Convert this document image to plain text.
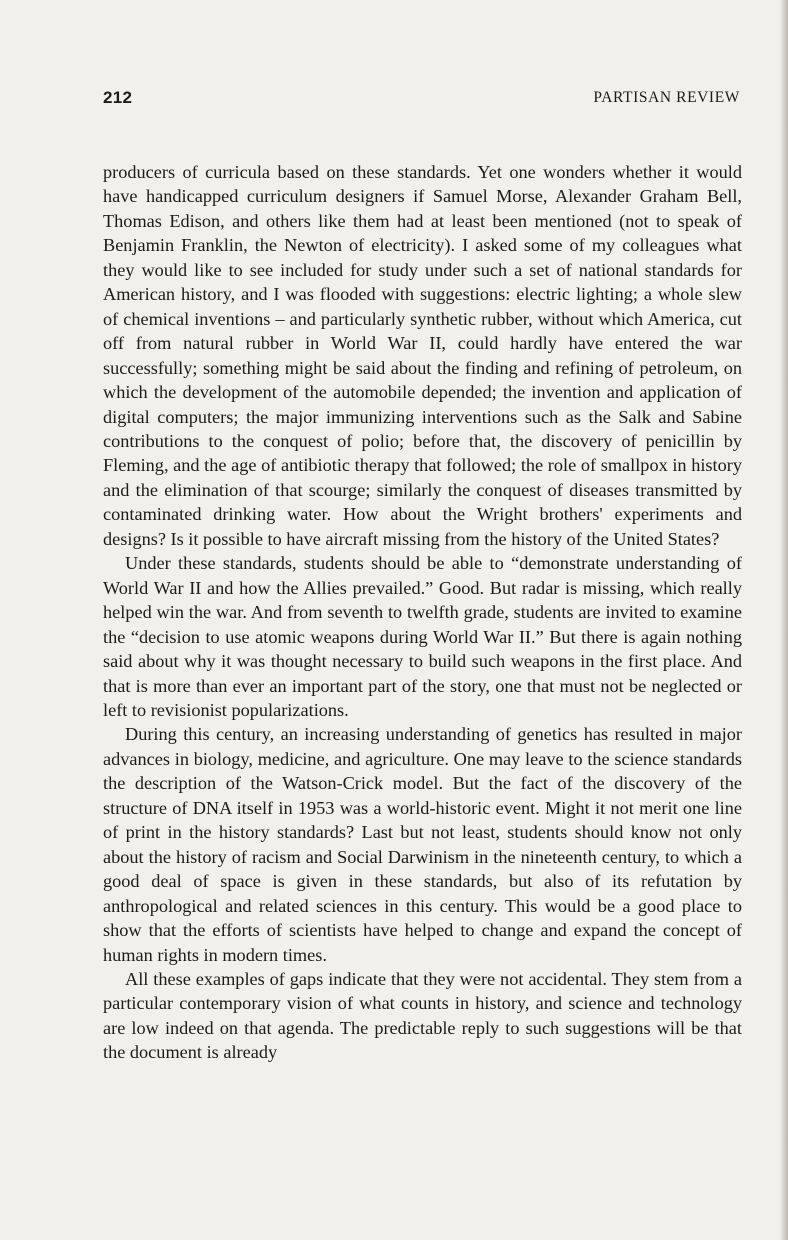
212	PARTISAN REVIEW

producers of curricula based on these standards. Yet one wonders whether it would have handicapped curriculum designers if Samuel Morse, Alexander Graham Bell, Thomas Edison, and others like them had at least been mentioned (not to speak of Benjamin Franklin, the Newton of electricity). I asked some of my colleagues what they would like to see included for study under such a set of national standards for American history, and I was flooded with suggestions: electric lighting; a whole slew of chemical inventions – and particularly synthetic rubber, without which America, cut off from natural rubber in World War II, could hardly have entered the war successfully; something might be said about the finding and refining of petroleum, on which the development of the automobile depended; the invention and application of digital computers; the major immunizing interventions such as the Salk and Sabine contributions to the conquest of polio; before that, the discovery of penicillin by Fleming, and the age of antibiotic therapy that followed; the role of smallpox in history and the elimination of that scourge; similarly the conquest of diseases transmitted by contaminated drinking water. How about the Wright brothers' experiments and designs? Is it possible to have aircraft missing from the history of the United States?

Under these standards, students should be able to “demonstrate understanding of World War II and how the Allies prevailed.” Good. But radar is missing, which really helped win the war. And from seventh to twelfth grade, students are invited to examine the “decision to use atomic weapons during World War II.” But there is again nothing said about why it was thought necessary to build such weapons in the first place. And that is more than ever an important part of the story, one that must not be neglected or left to revisionist popularizations.

During this century, an increasing understanding of genetics has resulted in major advances in biology, medicine, and agriculture. One may leave to the science standards the description of the Watson-Crick model. But the fact of the discovery of the structure of DNA itself in 1953 was a world-historic event. Might it not merit one line of print in the history standards? Last but not least, students should know not only about the history of racism and Social Darwinism in the nineteenth century, to which a good deal of space is given in these standards, but also of its refutation by anthropological and related sciences in this century. This would be a good place to show that the efforts of scientists have helped to change and expand the concept of human rights in modern times.

All these examples of gaps indicate that they were not accidental. They stem from a particular contemporary vision of what counts in history, and science and technology are low indeed on that agenda. The predictable reply to such suggestions will be that the document is already
